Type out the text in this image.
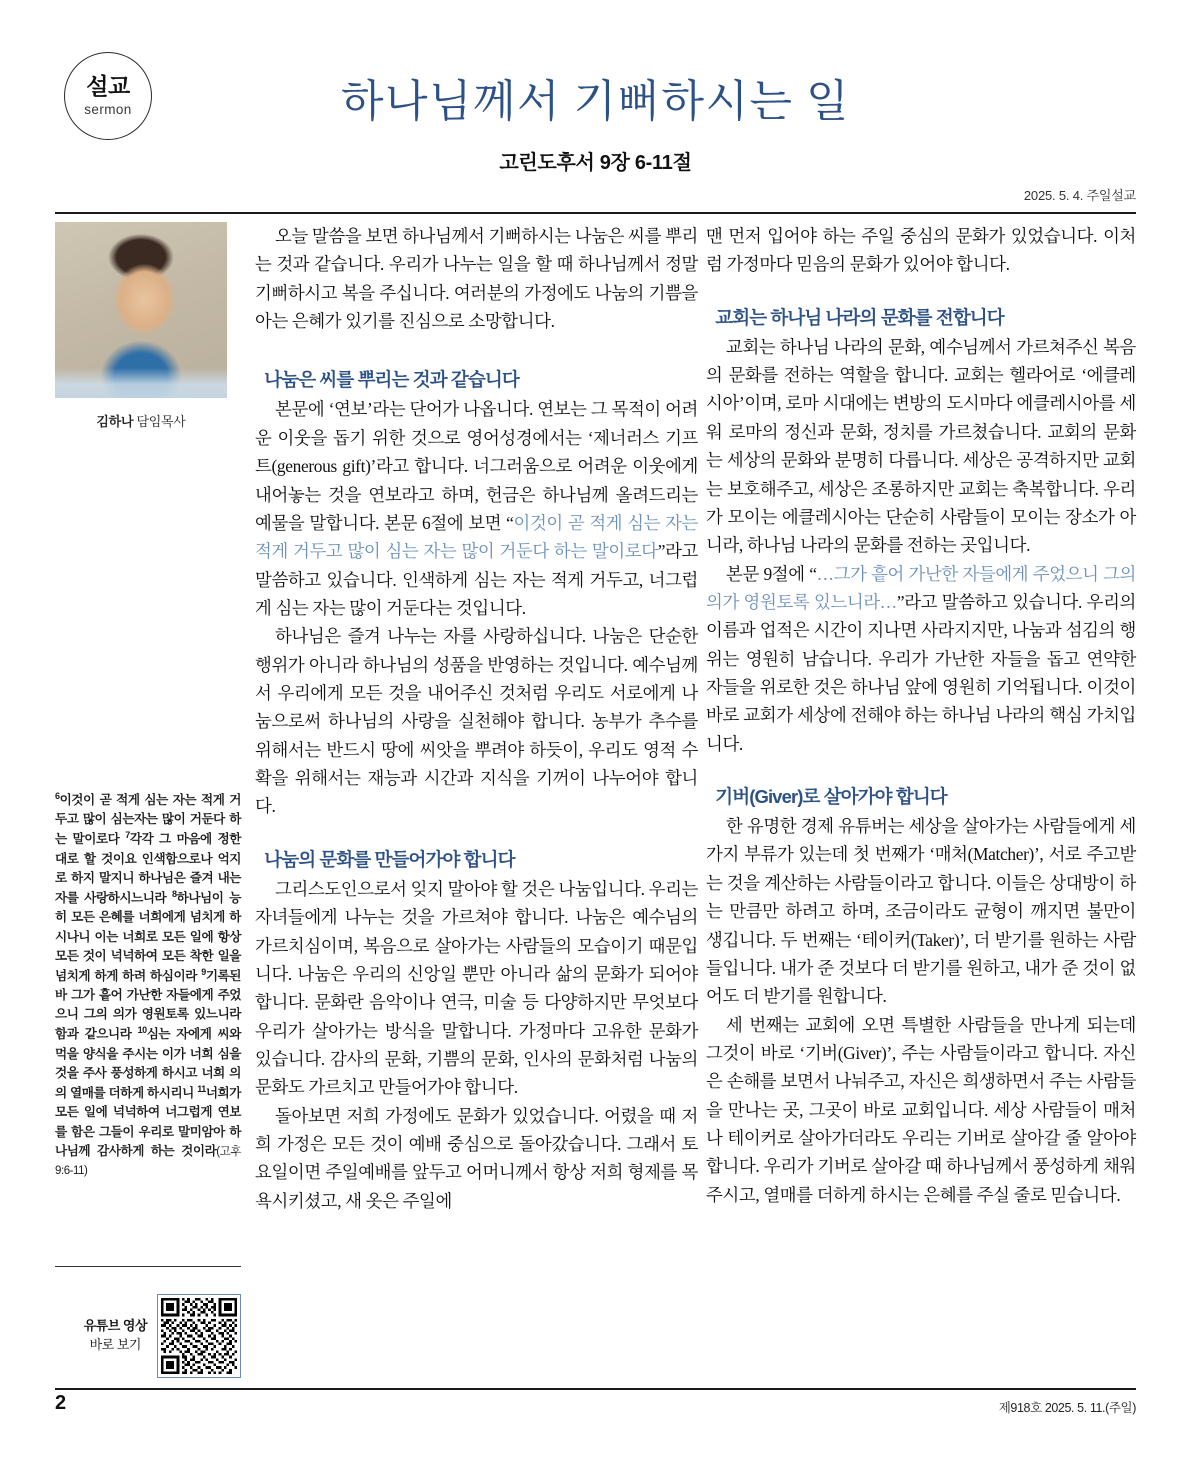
설교
sermon	하나님께서 기뻐하시는 일
고린도후서 9장 6-11절
2025. 5. 4. 주일설교
김하나 담임목사
$^6$이것이 곧 적게 심는 자는 적게 거두고 많이 심는자는 많이 거둔다 하는 말이로다 $^7$각각 그 마음에 정한 대로 할 것이요 인색함으로나 억지로 하지 말지니 하나님은 즐겨 내는 자를 사랑하시느니라 $^8$하나님이 능히 모든 은혜를 너희에게 넘치게 하시나니 이는 너희로 모든 일에 항상 모든 것이 넉넉하여 모든 착한 일을 넘치게 하게 하려 하심이라 $^9$기록된바 그가 흩어 가난한 자들에게 주었으니 그의 의가 영원토록 있느니라 함과 같으니라 $^{10}$심는 자에게 씨와 먹을 양식을 주시는 이가 너희 심을 것을 주사 풍성하게 하시고 너희 의의 열매를 더하게 하시리니 $^{11}$너희가 모든 일에 넉넉하여 너그럽게 연보를 함은 그들이 우리로 말미암아 하나님께 감사하게 하는 것이라(고후 9:6-11)
유튜브 영상
바로 보기

오늘 말씀을 보면 하나님께서 기뻐하시는 나눔은 씨를 뿌리는 것과 같습니다. 우리가 나누는 일을 할 때 하나님께서 정말 기뻐하시고 복을 주십니다. 여러분의 가정에도 나눔의 기쁨을 아는 은혜가 있기를 진심으로 소망합니다.

나눔은 씨를 뿌리는 것과 같습니다

본문에 ‘연보’라는 단어가 나옵니다. 연보는 그 목적이 어려운 이웃을 돕기 위한 것으로 영어성경에서는 ‘제너러스 기프트(generous gift)’라고 합니다. 너그러움으로 어려운 이웃에게 내어놓는 것을 연보라고 하며, 헌금은 하나님께 올려드리는 예물을 말합니다. 본문 6절에 보면 “이것이 곧 적게 심는 자는 적게 거두고 많이 심는 자는 많이 거둔다 하는 말이로다”라고 말씀하고 있습니다. 인색하게 심는 자는 적게 거두고, 너그럽게 심는 자는 많이 거둔다는 것입니다.

하나님은 즐겨 나누는 자를 사랑하십니다. 나눔은 단순한 행위가 아니라 하나님의 성품을 반영하는 것입니다. 예수님께서 우리에게 모든 것을 내어주신 것처럼 우리도 서로에게 나눔으로써 하나님의 사랑을 실천해야 합니다. 농부가 추수를 위해서는 반드시 땅에 씨앗을 뿌려야 하듯이, 우리도 영적 수확을 위해서는 재능과 시간과 지식을 기꺼이 나누어야 합니다.

나눔의 문화를 만들어가야 합니다

그리스도인으로서 잊지 말아야 할 것은 나눔입니다. 우리는 자녀들에게 나누는 것을 가르쳐야 합니다. 나눔은 예수님의 가르치심이며, 복음으로 살아가는 사람들의 모습이기 때문입니다. 나눔은 우리의 신앙일 뿐만 아니라 삶의 문화가 되어야 합니다. 문화란 음악이나 연극, 미술 등 다양하지만 무엇보다 우리가 살아가는 방식을 말합니다. 가정마다 고유한 문화가 있습니다. 감사의 문화, 기쁨의 문화, 인사의 문화처럼 나눔의 문화도 가르치고 만들어가야 합니다.

돌아보면 저희 가정에도 문화가 있었습니다. 어렸을 때 저희 가정은 모든 것이 예배 중심으로 돌아갔습니다. 그래서 토요일이면 주일예배를 앞두고 어머니께서 항상 저희 형제를 목욕시키셨고, 새 옷은 주일에

맨 먼저 입어야 하는 주일 중심의 문화가 있었습니다. 이처럼 가정마다 믿음의 문화가 있어야 합니다.

교회는 하나님 나라의 문화를 전합니다

교회는 하나님 나라의 문화, 예수님께서 가르쳐주신 복음의 문화를 전하는 역할을 합니다. 교회는 헬라어로 ‘에클레시아’이며, 로마 시대에는 변방의 도시마다 에클레시아를 세워 로마의 정신과 문화, 정치를 가르쳤습니다. 교회의 문화는 세상의 문화와 분명히 다릅니다. 세상은 공격하지만 교회는 보호해주고, 세상은 조롱하지만 교회는 축복합니다. 우리가 모이는 에클레시아는 단순히 사람들이 모이는 장소가 아니라, 하나님 나라의 문화를 전하는 곳입니다.

본문 9절에 “…그가 흩어 가난한 자들에게 주었으니 그의 의가 영원토록 있느니라…”라고 말씀하고 있습니다. 우리의 이름과 업적은 시간이 지나면 사라지지만, 나눔과 섬김의 행위는 영원히 남습니다. 우리가 가난한 자들을 돕고 연약한 자들을 위로한 것은 하나님 앞에 영원히 기억됩니다. 이것이 바로 교회가 세상에 전해야 하는 하나님 나라의 핵심 가치입니다.

기버(Giver)로 살아가야 합니다

한 유명한 경제 유튜버는 세상을 살아가는 사람들에게 세 가지 부류가 있는데 첫 번째가 ‘매처(Matcher)’, 서로 주고받는 것을 계산하는 사람들이라고 합니다. 이들은 상대방이 하는 만큼만 하려고 하며, 조금이라도 균형이 깨지면 불만이 생깁니다. 두 번째는 ‘테이커(Taker)’, 더 받기를 원하는 사람들입니다. 내가 준 것보다 더 받기를 원하고, 내가 준 것이 없어도 더 받기를 원합니다.

세 번째는 교회에 오면 특별한 사람들을 만나게 되는데 그것이 바로 ‘기버(Giver)’, 주는 사람들이라고 합니다. 자신은 손해를 보면서 나눠주고, 자신은 희생하면서 주는 사람들을 만나는 곳, 그곳이 바로 교회입니다. 세상 사람들이 매처나 테이커로 살아가더라도 우리는 기버로 살아갈 줄 알아야 합니다. 우리가 기버로 살아갈 때 하나님께서 풍성하게 채워주시고, 열매를 더하게 하시는 은혜를 주실 줄로 믿습니다.

2	제918호 2025. 5. 11.(주일)
